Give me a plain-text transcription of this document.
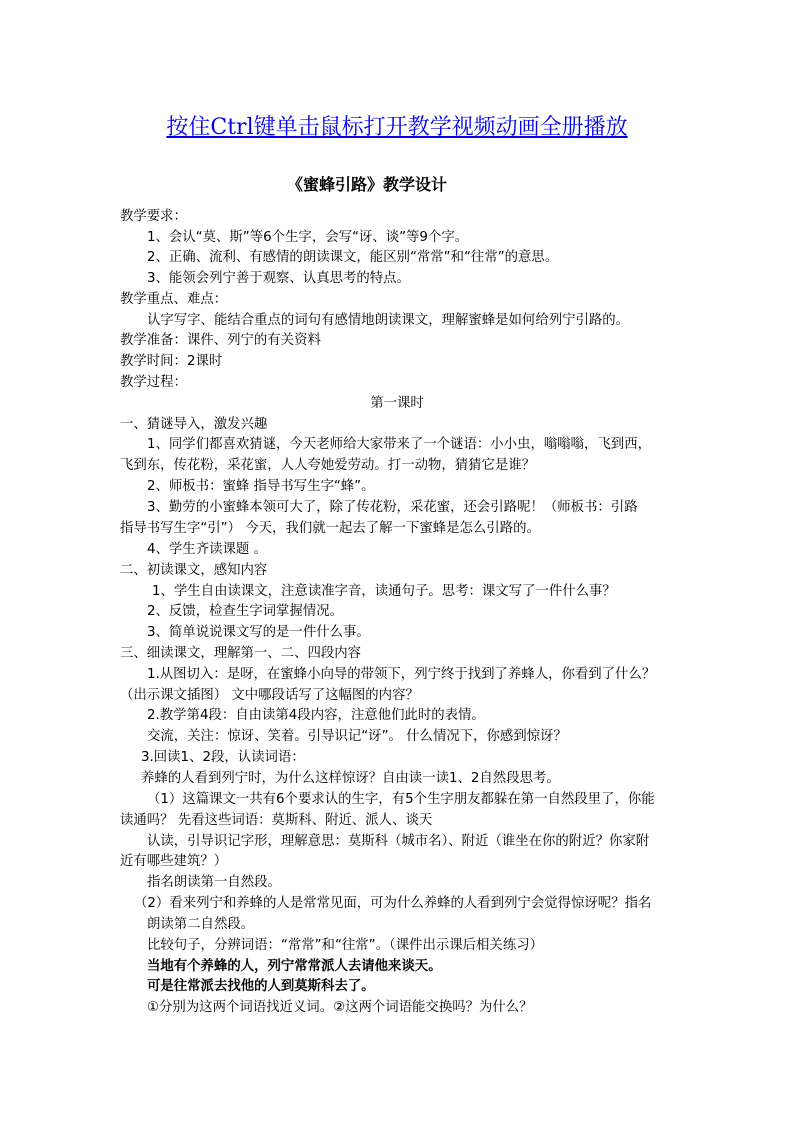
按住Ctrl键单击鼠标打开教学视频动画全册播放
《蜜蜂引路》教学设计
教学要求：
1、会认“莫、斯”等6个生字，会写“讶、谈”等9个字。
2、正确、流利、有感情的朗读课文，能区别“常常”和“往常”的意思。
3、能领会列宁善于观察、认真思考的特点。
教学重点、难点：
认字写字、能结合重点的词句有感情地朗读课文，理解蜜蜂是如何给列宁引路的。
教学准备：课件、列宁的有关资料
教学时间：2课时
教学过程：
第一课时
一、猜谜导入，激发兴趣
1、同学们都喜欢猜谜，今天老师给大家带来了一个谜语：小小虫，嗡嗡嗡，飞到西，
飞到东，传花粉，采花蜜，人人夸她爱劳动。打一动物，猜猜它是谁？
2、师板书：蜜蜂 指导书写生字“蜂”。
3、勤劳的小蜜蜂本领可大了，除了传花粉，采花蜜，还会引路呢！（师板书：引路
指导书写生字“引”） 今天，我们就一起去了解一下蜜蜂是怎么引路的。
4、学生齐读课题 。
二、初读课文，感知内容
1、学生自由读课文，注意读准字音，读通句子。思考：课文写了一件什么事？
2、反馈，检查生字词掌握情况。
3、简单说说课文写的是一件什么事。
三、细读课文，理解第一、二、四段内容
1.从图切入：是呀，在蜜蜂小向导的带领下，列宁终于找到了养蜂人，你看到了什么？
（出示课文插图） 文中哪段话写了这幅图的内容？
2.教学第4段：自由读第4段内容，注意他们此时的表情。
交流，关注：惊讶、笑着。引导识记“讶”。 什么情况下，你感到惊讶？
3.回读1、2段，认读词语：
养蜂的人看到列宁时，为什么这样惊讶？自由读一读1、2自然段思考。
（1）这篇课文一共有6个要求认的生字，有5个生字朋友都躲在第一自然段里了，你能
读通吗？ 先看这些词语：莫斯科、附近、派人、谈天
认读，引导识记字形，理解意思：莫斯科（城市名）、附近（谁坐在你的附近？你家附
近有哪些建筑？）
指名朗读第一自然段。
（2）看来列宁和养蜂的人是常常见面，可为什么养蜂的人看到列宁会觉得惊讶呢？指名
朗读第二自然段。
比较句子，分辨词语：“常常”和“往常”。（课件出示课后相关练习）
当地有个养蜂的人，列宁常常派人去请他来谈天。
可是往常派去找他的人到莫斯科去了。
①分别为这两个词语找近义词。②这两个词语能交换吗？为什么？
